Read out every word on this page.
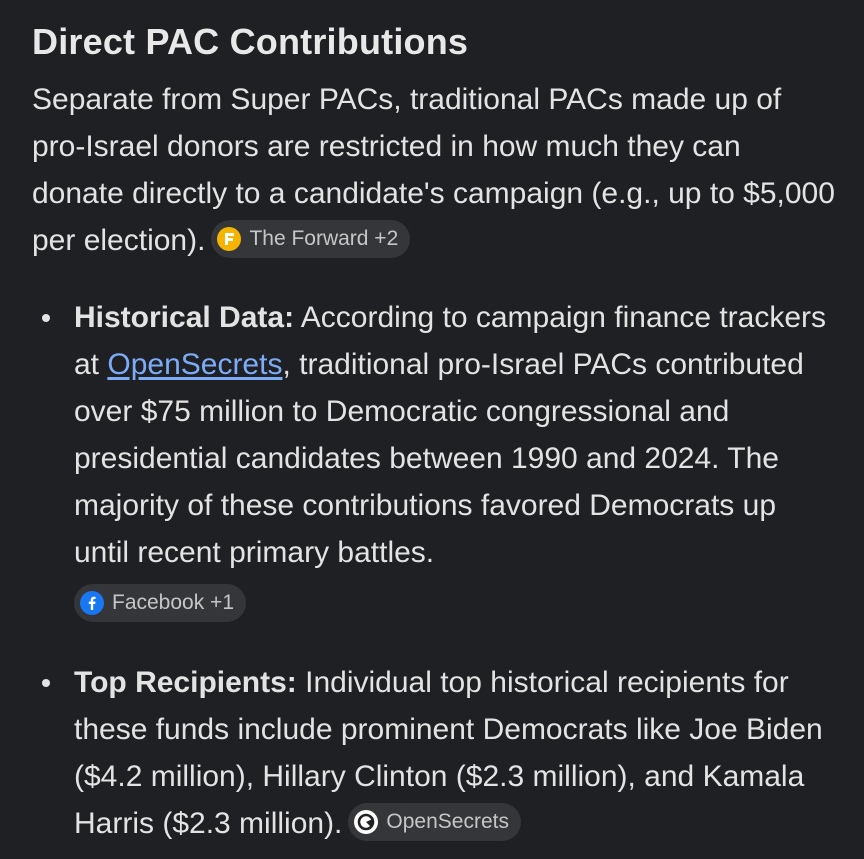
Direct PAC Contributions

Separate from Super PACs, traditional PACs made up of pro-Israel donors are restricted in how much they can donate directly to a candidate's campaign (e.g., up to $5,000 per election). The Forward +2

Historical Data: According to campaign finance trackers at OpenSecrets, traditional pro-Israel PACs contributed over $75 million to Democratic congressional and presidential candidates between 1990 and 2024. The majority of these contributions favored Democrats up until recent primary battles.
Facebook +1
Top Recipients: Individual top historical recipients for these funds include prominent Democrats like Joe Biden ($4.2 million), Hillary Clinton ($2.3 million), and Kamala Harris ($2.3 million). OpenSecrets
